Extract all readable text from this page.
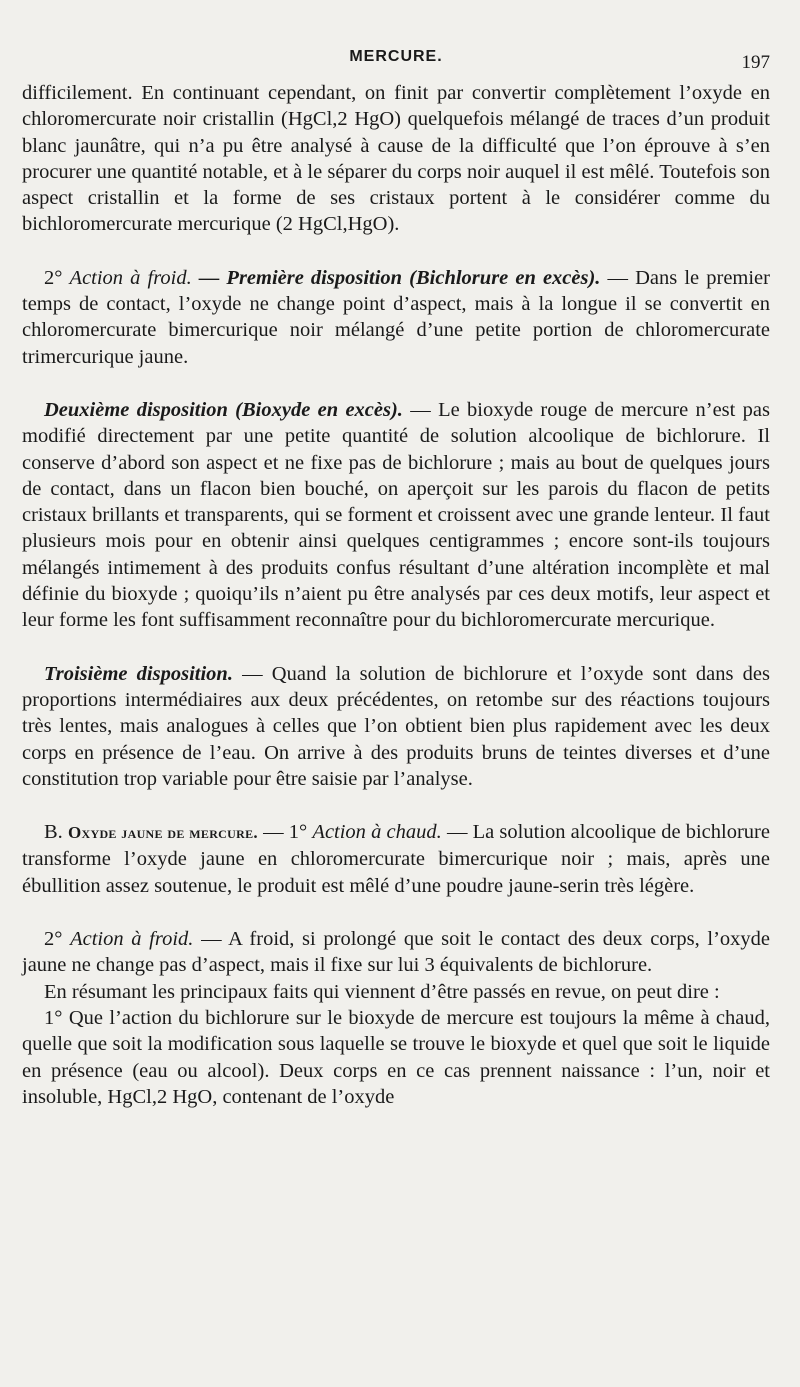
MERCURE.	197

difficilement. En continuant cependant, on finit par convertir complètement l’oxyde en chloromercurate noir cristallin (HgCl,2 HgO) quelquefois mélangé de traces d’un produit blanc jaunâtre, qui n’a pu être analysé à cause de la difficulté que l’on éprouve à s’en procurer une quantité notable, et à le séparer du corps noir auquel il est mêlé. Toutefois son aspect cristallin et la forme de ses cristaux portent à le considérer comme du bichloromercurate mercurique (2 HgCl,HgO).

2° Action à froid. — Première disposition (Bichlorure en excès). — Dans le premier temps de contact, l’oxyde ne change point d’aspect, mais à la longue il se convertit en chloromercurate bimercurique noir mélangé d’une petite portion de chloromercurate trimercurique jaune.

Deuxième disposition (Bioxyde en excès). — Le bioxyde rouge de mercure n’est pas modifié directement par une petite quantité de solution alcoolique de bichlorure. Il conserve d’abord son aspect et ne fixe pas de bichlorure ; mais au bout de quelques jours de contact, dans un flacon bien bouché, on aperçoit sur les parois du flacon de petits cristaux brillants et transparents, qui se forment et croissent avec une grande lenteur. Il faut plusieurs mois pour en obtenir ainsi quelques centigrammes ; encore sont-ils toujours mélangés intimement à des produits confus résultant d’une altération incomplète et mal définie du bioxyde ; quoiqu’ils n’aient pu être analysés par ces deux motifs, leur aspect et leur forme les font suffisamment reconnaître pour du bichloromercurate mercurique.

Troisième disposition. — Quand la solution de bichlorure et l’oxyde sont dans des proportions intermédiaires aux deux précédentes, on retombe sur des réactions toujours très lentes, mais analogues à celles que l’on obtient bien plus rapidement avec les deux corps en présence de l’eau. On arrive à des produits bruns de teintes diverses et d’une constitution trop variable pour être saisie par l’analyse.

B. Oxyde jaune de mercure. — 1° Action à chaud. — La solution alcoolique de bichlorure transforme l’oxyde jaune en chloromercurate bimercurique noir ; mais, après une ébullition assez soutenue, le produit est mêlé d’une poudre jaune-serin très légère.

2° Action à froid. — A froid, si prolongé que soit le contact des deux corps, l’oxyde jaune ne change pas d’aspect, mais il fixe sur lui 3 équivalents de bichlorure.

En résumant les principaux faits qui viennent d’être passés en revue, on peut dire :

1° Que l’action du bichlorure sur le bioxyde de mercure est toujours la même à chaud, quelle que soit la modification sous laquelle se trouve le bioxyde et quel que soit le liquide en présence (eau ou alcool). Deux corps en ce cas prennent naissance : l’un, noir et insoluble, HgCl,2 HgO, contenant de l’oxyde
